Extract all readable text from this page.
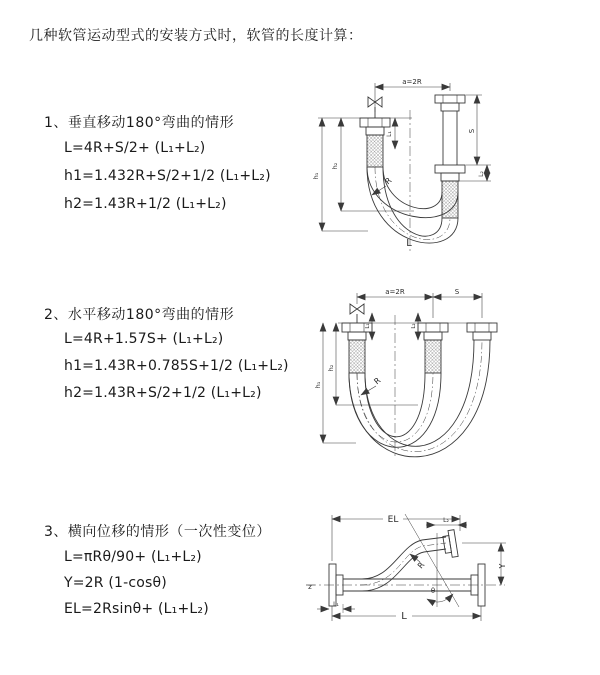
几种软管运动型式的安装方式时，软管的长度计算：
1、垂直移动180°弯曲的情形
L=4R+S/2+ (L₁+L₂)
h1=1.432R+S/2+1/2 (L₁+L₂)
h2=1.43R+1/2 (L₁+L₂)
2、水平移动180°弯曲的情形
L=4R+1.57S+ (L₁+L₂)
h1=1.43R+0.785S+1/2 (L₁+L₂)
h2=1.43R+S/2+1/2 (L₁+L₂)
3、横向位移的情形（一次性变位）
L=πRθ/90+ (L₁+L₂)
Y=2R (1-cosθ)
EL=2Rsinθ+ (L₁+L₂)
a=2R
h₁
h₂
L₁
S
L₂
R
L
a=2R	S
h₁
h₂
L₁	L₂
R
EL	L₂
Y
L
L₁
R
θ
z
